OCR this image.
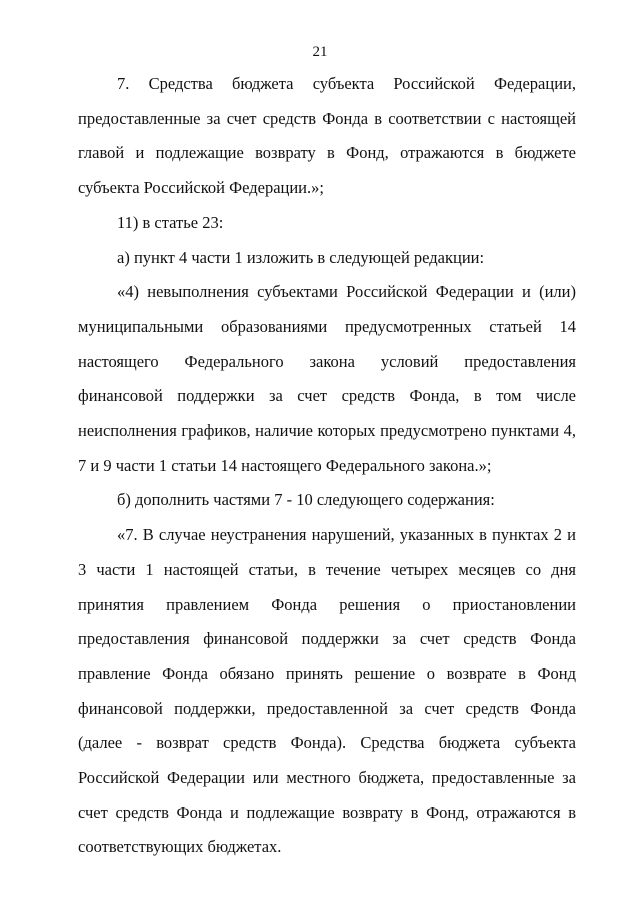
21

7. Средства бюджета субъекта Российской Федерации, предоставленные за счет средств Фонда в соответствии с настоящей главой и подлежащие возврату в Фонд, отражаются в бюджете субъекта Российской Федерации.»;

11) в статье 23:

а) пункт 4 части 1 изложить в следующей редакции:

«4) невыполнения субъектами Российской Федерации и (или) муниципальными образованиями предусмотренных статьей 14 настоящего Федерального закона условий предоставления финансовой поддержки за счет средств Фонда, в том числе неисполнения графиков, наличие которых предусмотрено пунктами 4, 7 и 9 части 1 статьи 14 настоящего Федерального закона.»;

б) дополнить частями 7 - 10 следующего содержания:

«7. В случае неустранения нарушений, указанных в пунктах 2 и 3 части 1 настоящей статьи, в течение четырех месяцев со дня принятия правлением Фонда решения о приостановлении предоставления финансовой поддержки за счет средств Фонда правление Фонда обязано принять решение о возврате в Фонд финансовой поддержки, предоставленной за счет средств Фонда (далее - возврат средств Фонда). Средства бюджета субъекта Российской Федерации или местного бюджета, предоставленные за счет средств Фонда и подлежащие возврату в Фонд, отражаются в соответствующих бюджетах.
